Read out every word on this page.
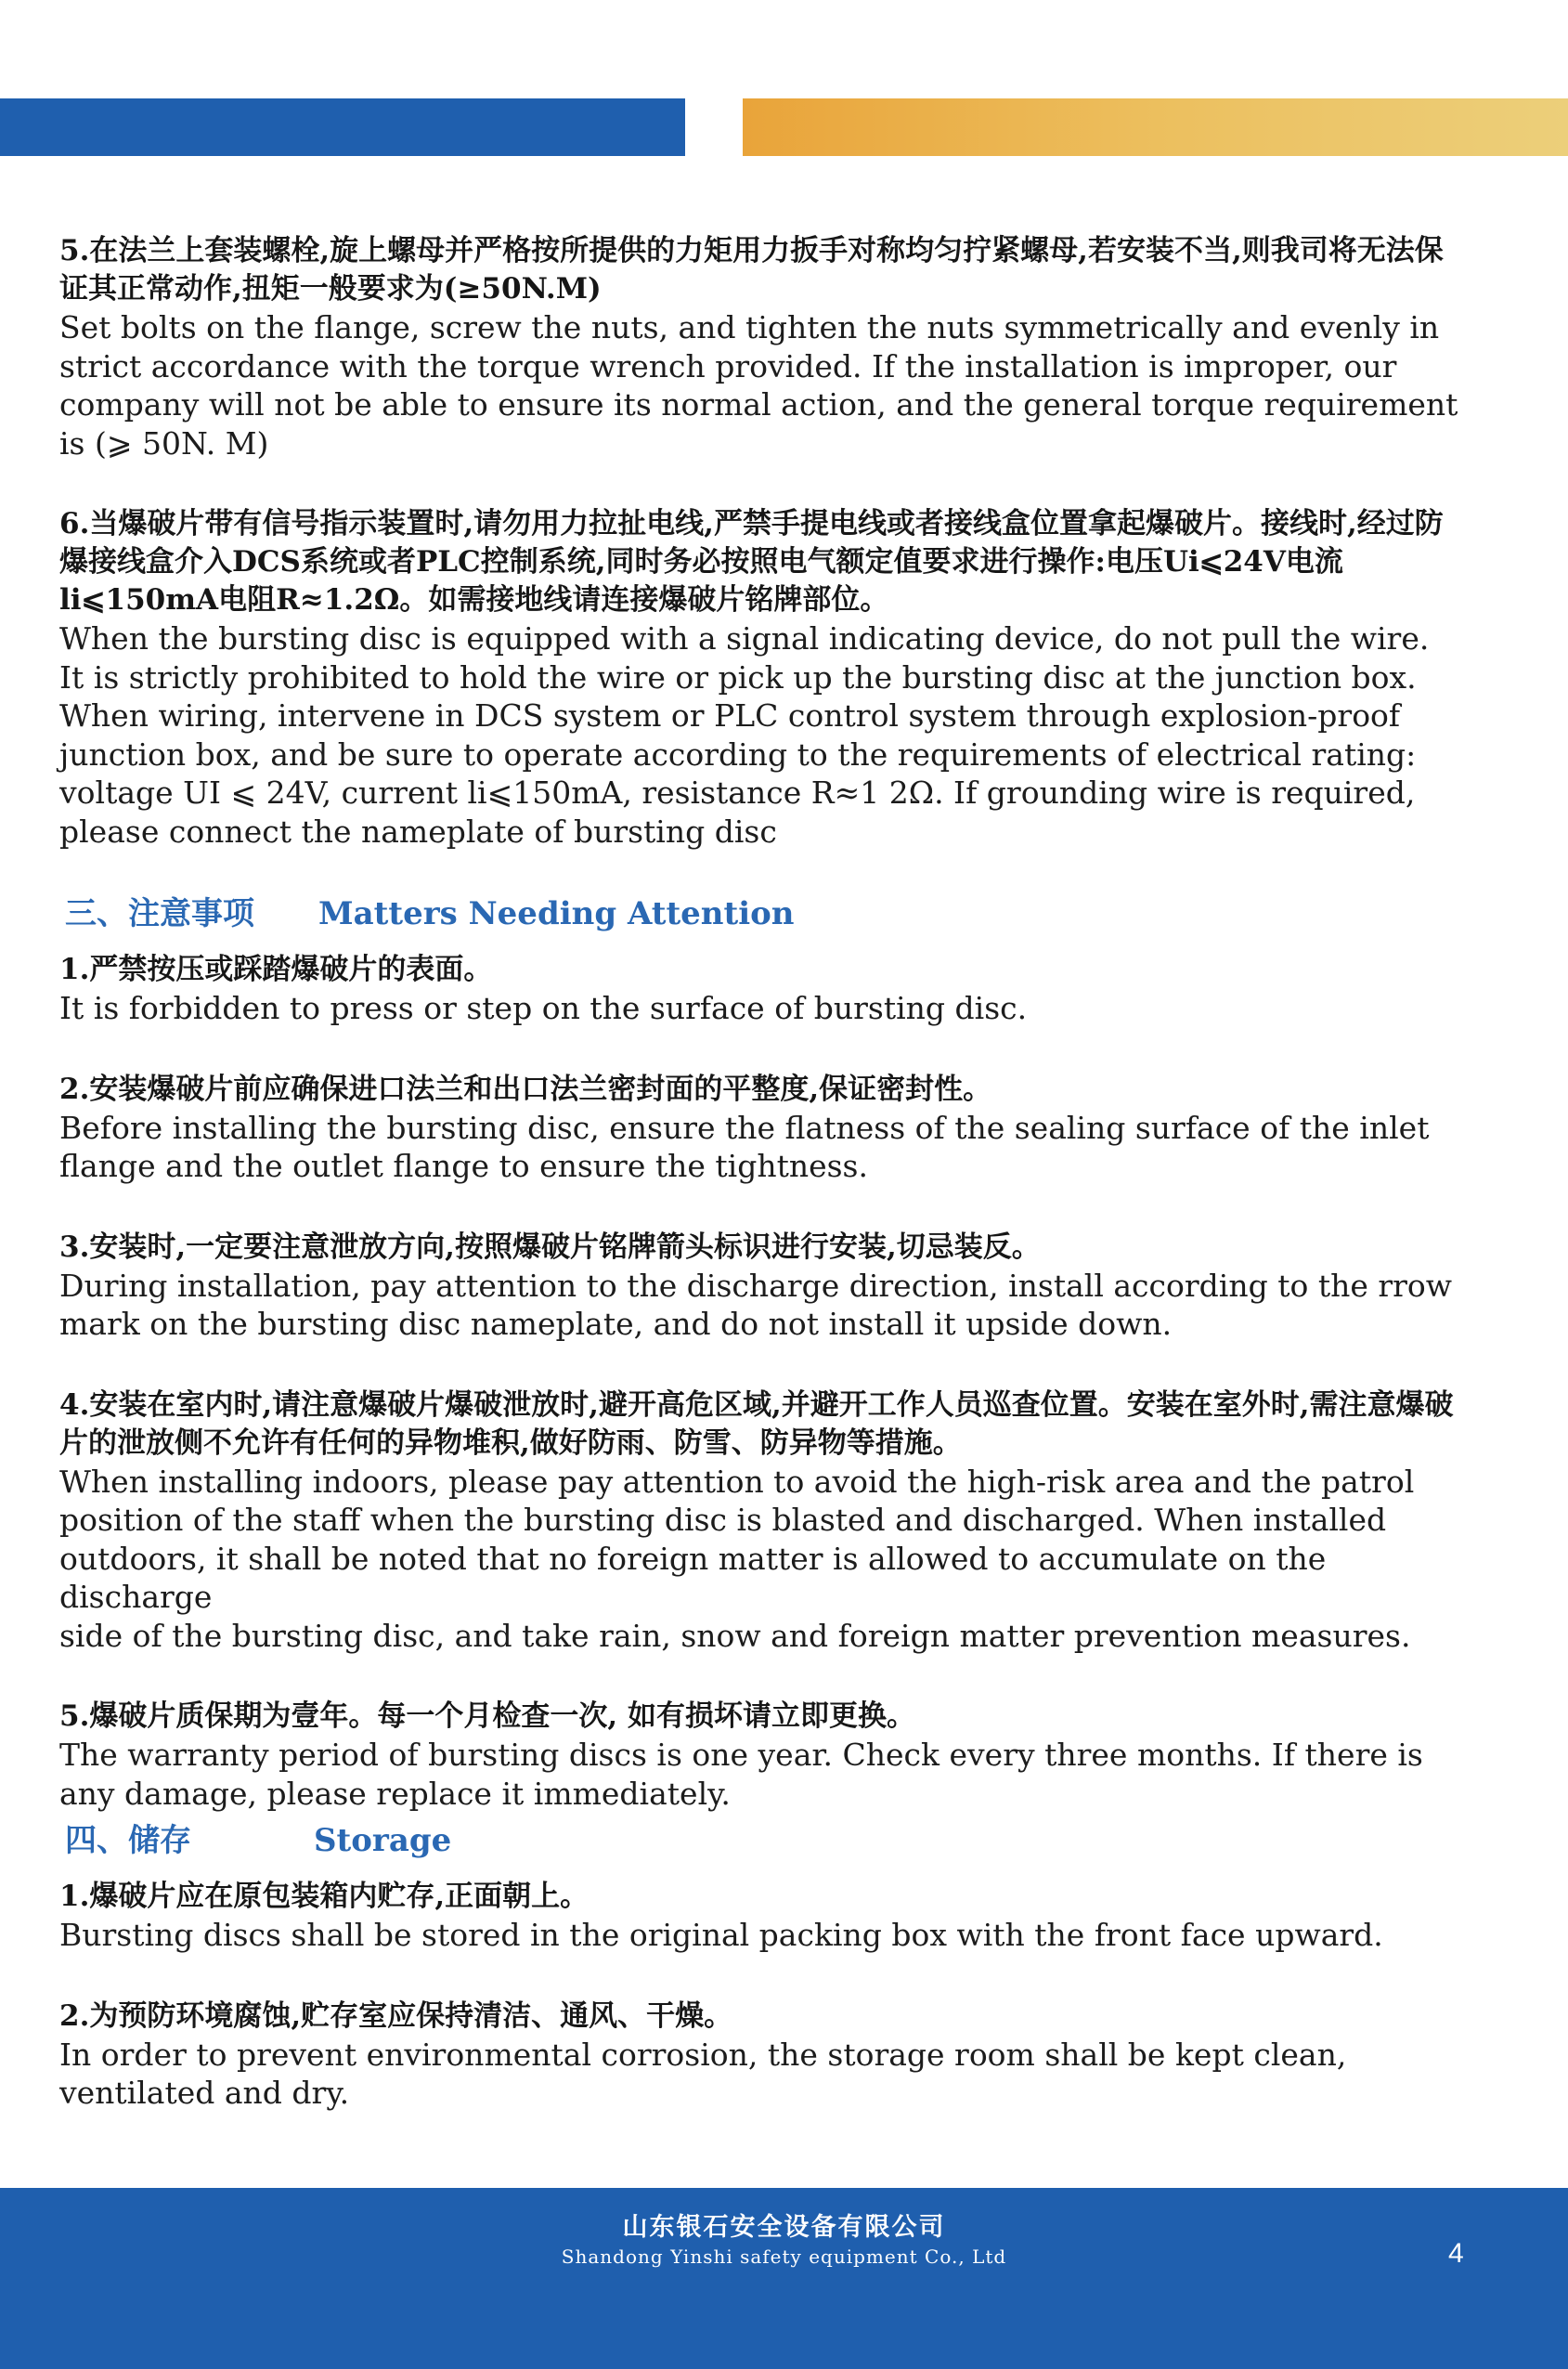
5.在法兰上套装螺栓,旋上螺母并严格按所提供的力矩用力扳手对称均匀拧紧螺母,若安装不当,则我司将无法保证其正常动作,扭矩一般要求为(≥50N.M)

Set bolts on the flange, screw the nuts, and tighten the nuts symmetrically and evenly in strict accordance with the torque wrench provided. If the installation is improper, our company will not be able to ensure its normal action, and the general torque requirement is (⩾ 50N. M)

6.当爆破片带有信号指示装置时,请勿用力拉扯电线,严禁手提电线或者接线盒位置拿起爆破片。接线时,经过防爆接线盒介入DCS系统或者PLC控制系统,同时务必按照电气额定值要求进行操作:电压Ui⩽24V电流li⩽150mA电阻R≈1.2Ω。如需接地线请连接爆破片铭牌部位。

When the bursting disc is equipped with a signal indicating device, do not pull the wire. It is strictly prohibited to hold the wire or pick up the bursting disc at the junction box. When wiring, intervene in DCS system or PLC control system through explosion-proof junction box, and be sure to operate according to the requirements of electrical rating: voltage UI ⩽ 24V, current li⩽150mA, resistance R≈1 2Ω. If grounding wire is required, please connect the nameplate of bursting disc

三、注意事项	Matters Needing Attention

1.严禁按压或踩踏爆破片的表面。

It is forbidden to press or step on the surface of bursting disc.

2.安装爆破片前应确保进口法兰和出口法兰密封面的平整度,保证密封性。

Before installing the bursting disc, ensure the flatness of the sealing surface of the inlet flange and the outlet flange to ensure the tightness.

3.安装时,一定要注意泄放方向,按照爆破片铭牌箭头标识进行安装,切忌装反。

During installation, pay attention to the discharge direction, install according to the rrow mark on the bursting disc nameplate, and do not install it upside down.

4.安装在室内时,请注意爆破片爆破泄放时,避开高危区域,并避开工作人员巡查位置。安装在室外时,需注意爆破片的泄放侧不允许有任何的异物堆积,做好防雨、防雪、防异物等措施。

When installing indoors, please pay attention to avoid the high-risk area and the patrol position of the staff when the bursting disc is blasted and discharged. When installed outdoors, it shall be noted that no foreign matter is allowed to accumulate on the discharge

side of the bursting disc, and take rain, snow and foreign matter prevention measures.

5.爆破片质保期为壹年。每一个月检查一次, 如有损坏请立即更换。

The warranty period of bursting discs is one year. Check every three months. If there is any damage, please replace it immediately.

四、储存	Storage

1.爆破片应在原包装箱内贮存,正面朝上。

Bursting discs shall be stored in the original packing box with the front face upward.

2.为预防环境腐蚀,贮存室应保持清洁、通风、干燥。

In order to prevent environmental corrosion, the storage room shall be kept clean, ventilated and dry.

山东银石安全设备有限公司
Shandong Yinshi safety equipment Co., Ltd	4
